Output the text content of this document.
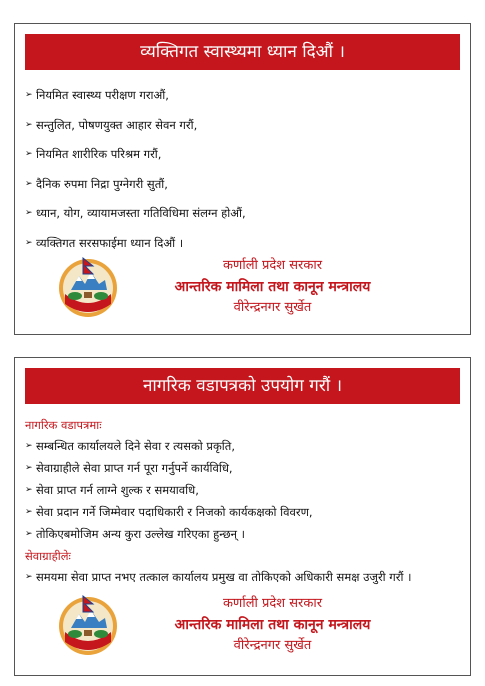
व्यक्तिगत स्वास्थ्यमा ध्यान दिऔं ।
➢ नियमित स्वास्थ्य परीक्षण गराऔं,
➢ सन्तुलित, पोषणयुक्त आहार सेवन गरौं,
➢ नियमित शारीरिक परिश्रम गरौं,
➢ दैनिक रुपमा निद्रा पुग्नेगरी सुतौं,
➢ ध्यान, योग, व्यायामजस्ता गतिविधिमा संलग्न होऔं,
➢ व्यक्तिगत सरसफाईमा ध्यान दिऔं ।
कर्णाली प्रदेश सरकार
आन्तरिक मामिला तथा कानून मन्त्रालय
वीरेन्द्रनगर सुर्खेत
नागरिक वडापत्रको उपयोग गरौं ।
नागरिक वडापत्रमाः
➢ सम्बन्धित कार्यालयले दिने सेवा र त्यसको प्रकृति,
➢ सेवाग्राहीले सेवा प्राप्त गर्न पूरा गर्नुपर्ने कार्यविधि,
➢ सेवा प्राप्त गर्न लाग्ने शुल्क र समयावधि,
➢ सेवा प्रदान गर्ने जिम्मेवार पदाधिकारी र निजको कार्यकक्षको विवरण,
➢ तोकिएबमोजिम अन्य कुरा उल्लेख गरिएका हुन्छन् ।
सेवाग्राहीलेः
➢ समयमा सेवा प्राप्त नभए तत्काल कार्यालय प्रमुख वा तोकिएको अधिकारी समक्ष उजुरी गरौं ।
कर्णाली प्रदेश सरकार
आन्तरिक मामिला तथा कानून मन्त्रालय
वीरेन्द्रनगर सुर्खेत
